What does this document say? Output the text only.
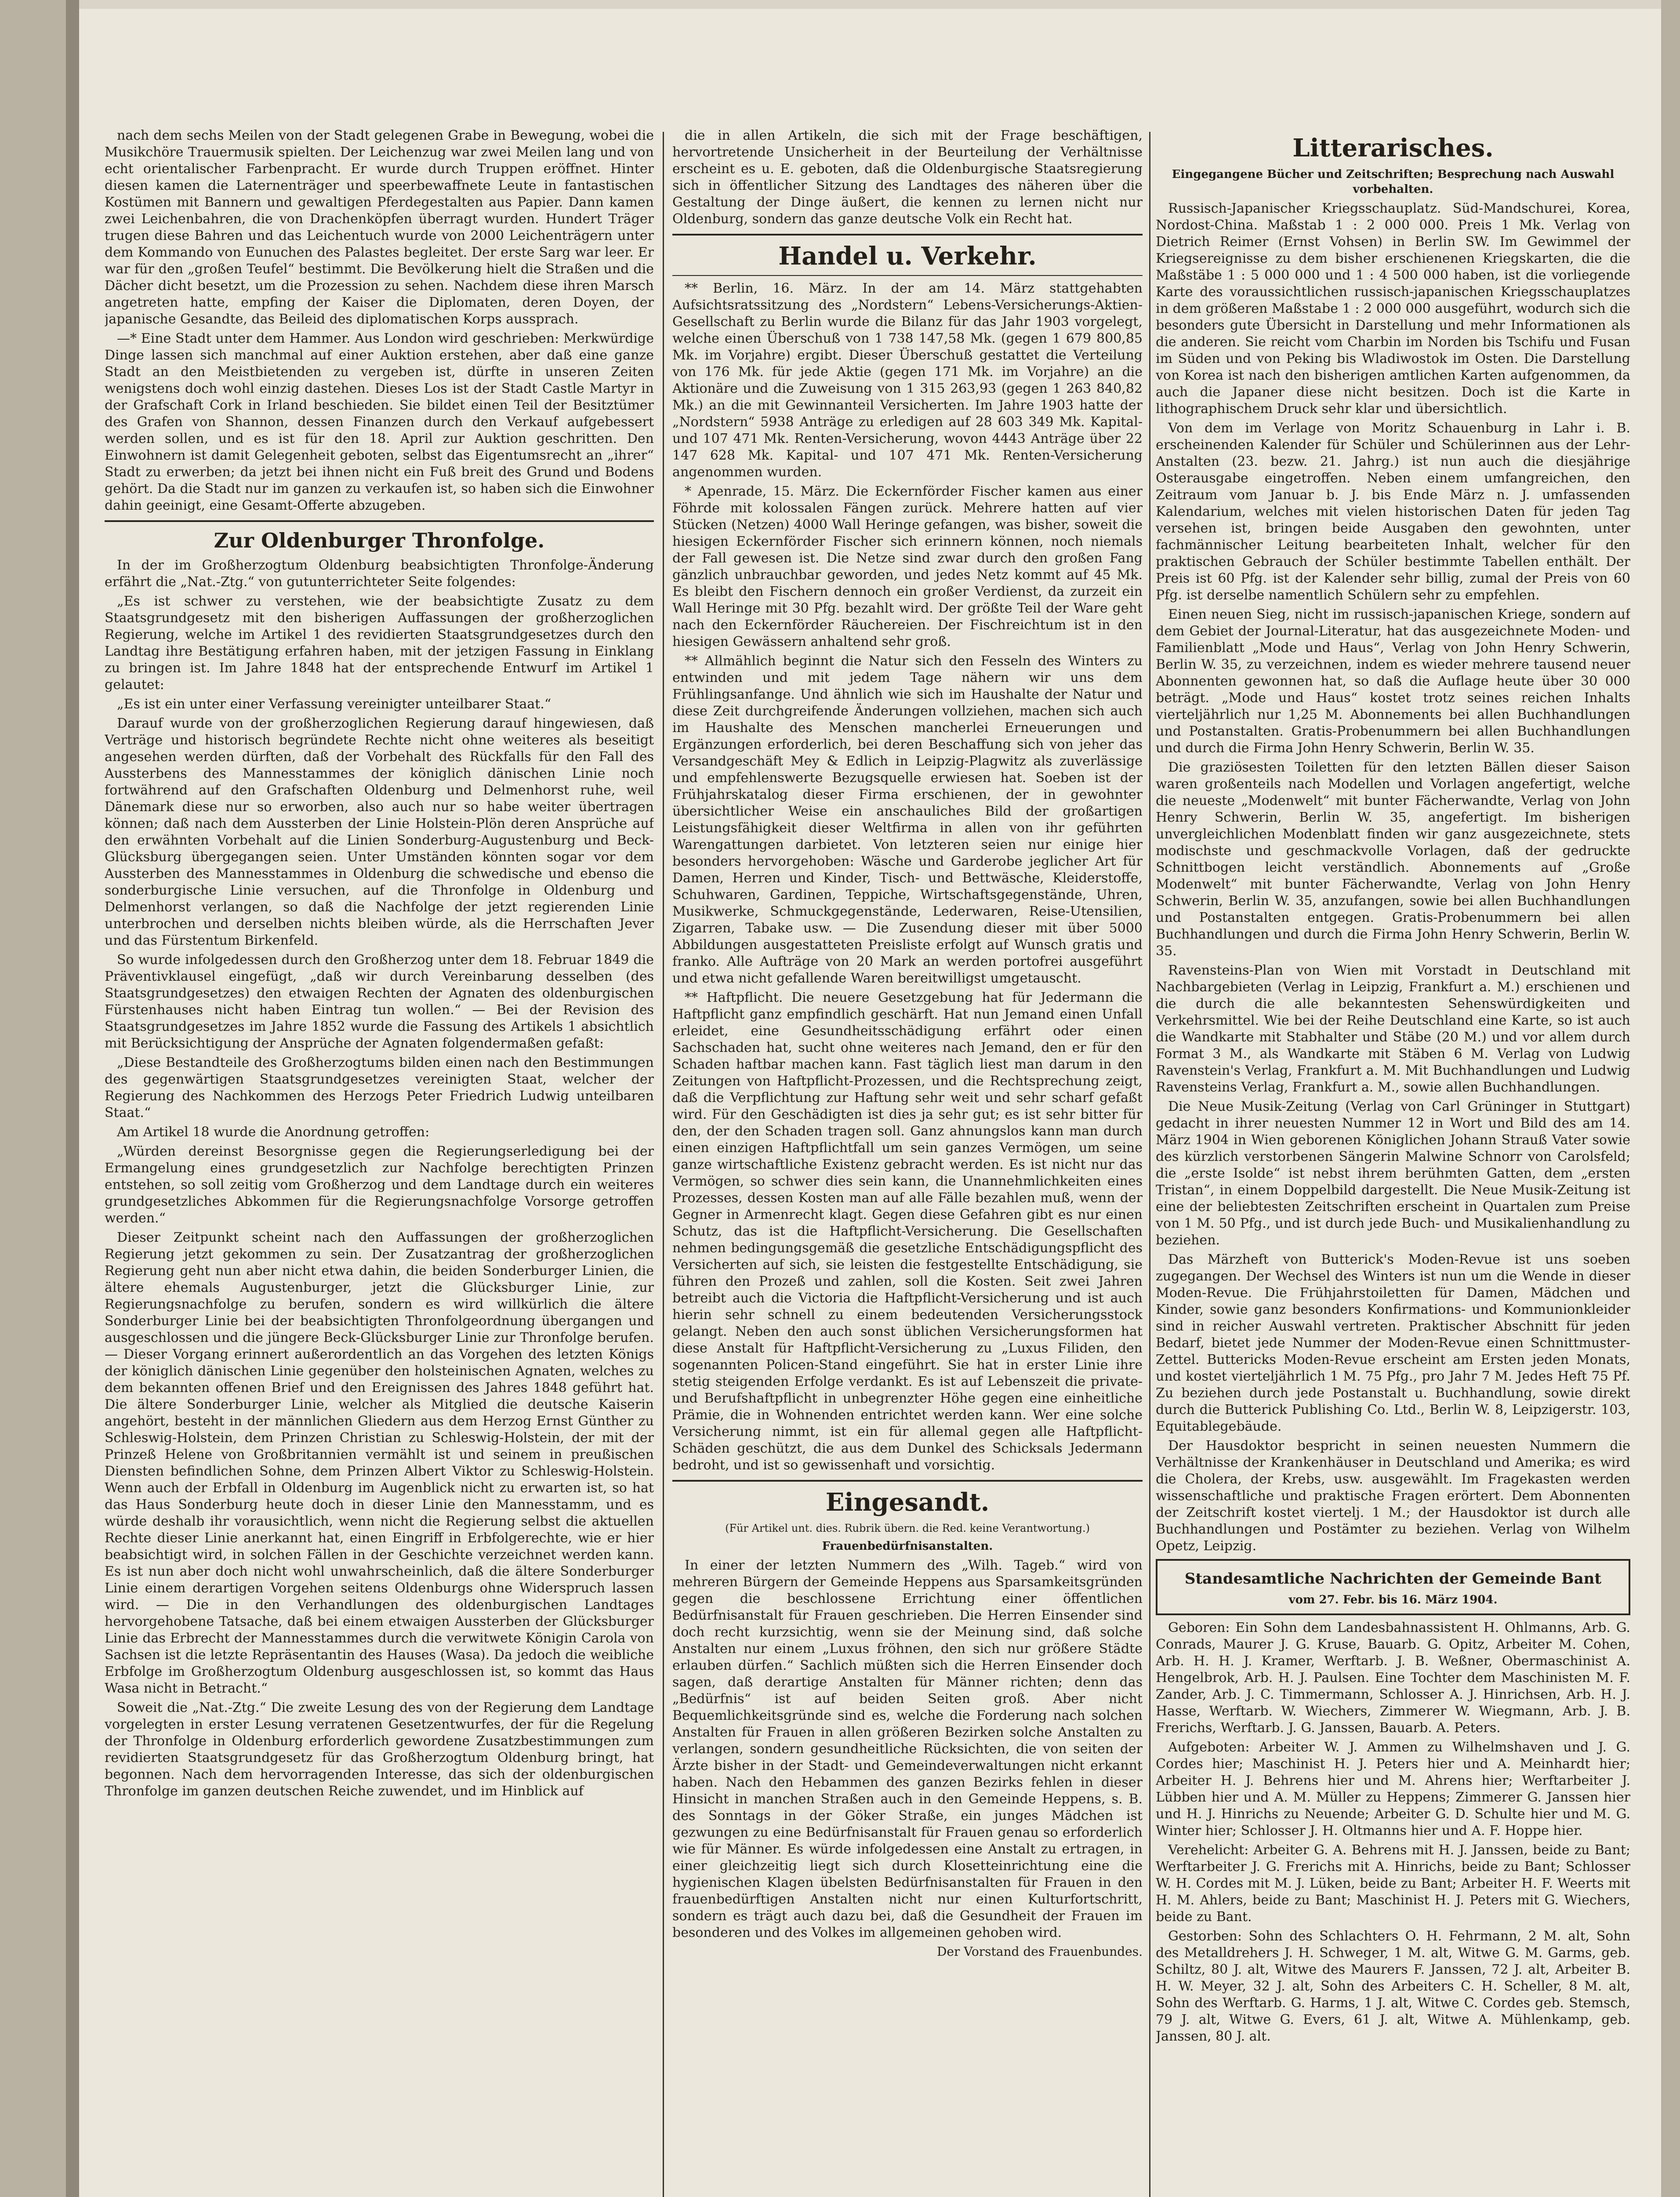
nach dem sechs Meilen von der Stadt gelegenen Grabe in Bewegung, wobei die Musikchöre Trauermusik spielten. Der Leichenzug war zwei Meilen lang und von echt orientalischer Farbenpracht. Er wurde durch Truppen eröffnet. Hinter diesen kamen die Laternenträger und speerbewaffnete Leute in fantastischen Kostümen mit Bannern und gewaltigen Pferdegestalten aus Papier. Dann kamen zwei Leichenbahren, die von Drachenköpfen überragt wurden. Hundert Träger trugen diese Bahren und das Leichentuch wurde von 2000 Leichenträgern unter dem Kommando von Eunuchen des Palastes begleitet. Der erste Sarg war leer. Er war für den „großen Teufel“ bestimmt. Die Bevölkerung hielt die Straßen und die Dächer dicht besetzt, um die Prozession zu sehen. Nachdem diese ihren Marsch angetreten hatte, empfing der Kaiser die Diplomaten, deren Doyen, der japanische Gesandte, das Beileid des diplomatischen Korps aussprach.

—* Eine Stadt unter dem Hammer. Aus London wird geschrieben: Merkwürdige Dinge lassen sich manchmal auf einer Auktion erstehen, aber daß eine ganze Stadt an den Meistbietenden zu vergeben ist, dürfte in unseren Zeiten wenigstens doch wohl einzig dastehen. Dieses Los ist der Stadt Castle Martyr in der Grafschaft Cork in Irland beschieden. Sie bildet einen Teil der Besitztümer des Grafen von Shannon, dessen Finanzen durch den Verkauf aufgebessert werden sollen, und es ist für den 18. April zur Auktion geschritten. Den Einwohnern ist damit Gelegenheit geboten, selbst das Eigentumsrecht an „ihrer“ Stadt zu erwerben; da jetzt bei ihnen nicht ein Fuß breit des Grund und Bodens gehört. Da die Stadt nur im ganzen zu verkaufen ist, so haben sich die Einwohner dahin geeinigt, eine Gesamt-Offerte abzugeben.

Zur Oldenburger Thronfolge.

In der im Großherzogtum Oldenburg beabsichtigten Thronfolge-Änderung erfährt die „Nat.-Ztg.“ von gutunterrichteter Seite folgendes:

„Es ist schwer zu verstehen, wie der beabsichtigte Zusatz zu dem Staatsgrundgesetz mit den bisherigen Auffassungen der großherzoglichen Regierung, welche im Artikel 1 des revidierten Staatsgrundgesetzes durch den Landtag ihre Bestätigung erfahren haben, mit der jetzigen Fassung in Einklang zu bringen ist. Im Jahre 1848 hat der entsprechende Entwurf im Artikel 1 gelautet:

„Es ist ein unter einer Verfassung vereinigter unteilbarer Staat.“

Darauf wurde von der großherzoglichen Regierung darauf hingewiesen, daß Verträge und historisch begründete Rechte nicht ohne weiteres als beseitigt angesehen werden dürften, daß der Vorbehalt des Rückfalls für den Fall des Aussterbens des Mannesstammes der königlich dänischen Linie noch fortwährend auf den Grafschaften Oldenburg und Delmenhorst ruhe, weil Dänemark diese nur so erworben, also auch nur so habe weiter übertragen können; daß nach dem Aussterben der Linie Holstein-Plön deren Ansprüche auf den erwähnten Vorbehalt auf die Linien Sonderburg-Augustenburg und Beck-Glücksburg übergegangen seien. Unter Umständen könnten sogar vor dem Aussterben des Mannesstammes in Oldenburg die schwedische und ebenso die sonderburgische Linie versuchen, auf die Thronfolge in Oldenburg und Delmenhorst verlangen, so daß die Nachfolge der jetzt regierenden Linie unterbrochen und derselben nichts bleiben würde, als die Herrschaften Jever und das Fürstentum Birkenfeld.

So wurde infolgedessen durch den Großherzog unter dem 18. Februar 1849 die Präventivklausel eingefügt, „daß wir durch Vereinbarung desselben (des Staatsgrundgesetzes) den etwaigen Rechten der Agnaten des oldenburgischen Fürstenhauses nicht haben Eintrag tun wollen.“ — Bei der Revision des Staatsgrundgesetzes im Jahre 1852 wurde die Fassung des Artikels 1 absichtlich mit Berücksichtigung der Ansprüche der Agnaten folgendermaßen gefaßt:

„Diese Bestandteile des Großherzogtums bilden einen nach den Bestimmungen des gegenwärtigen Staatsgrundgesetzes vereinigten Staat, welcher der Regierung des Nachkommen des Herzogs Peter Friedrich Ludwig unteilbaren Staat.“

Am Artikel 18 wurde die Anordnung getroffen:

„Würden dereinst Besorgnisse gegen die Regierungserledigung bei der Ermangelung eines grundgesetzlich zur Nachfolge berechtigten Prinzen entstehen, so soll zeitig vom Großherzog und dem Landtage durch ein weiteres grundgesetzliches Abkommen für die Regierungsnachfolge Vorsorge getroffen werden.“

Dieser Zeitpunkt scheint nach den Auffassungen der großherzoglichen Regierung jetzt gekommen zu sein. Der Zusatzantrag der großherzoglichen Regierung geht nun aber nicht etwa dahin, die beiden Sonderburger Linien, die ältere ehemals Augustenburger, jetzt die Glücksburger Linie, zur Regierungsnachfolge zu berufen, sondern es wird willkürlich die ältere Sonderburger Linie bei der beabsichtigten Thronfolgeordnung übergangen und ausgeschlossen und die jüngere Beck-Glücksburger Linie zur Thronfolge berufen. — Dieser Vorgang erinnert außerordentlich an das Vorgehen des letzten Königs der königlich dänischen Linie gegenüber den holsteinischen Agnaten, welches zu dem bekannten offenen Brief und den Ereignissen des Jahres 1848 geführt hat. Die ältere Sonderburger Linie, welcher als Mitglied die deutsche Kaiserin angehört, besteht in der männlichen Gliedern aus dem Herzog Ernst Günther zu Schleswig-Holstein, dem Prinzen Christian zu Schleswig-Holstein, der mit der Prinzeß Helene von Großbritannien vermählt ist und seinem in preußischen Diensten befindlichen Sohne, dem Prinzen Albert Viktor zu Schleswig-Holstein. Wenn auch der Erbfall in Oldenburg im Augenblick nicht zu erwarten ist, so hat das Haus Sonderburg heute doch in dieser Linie den Mannesstamm, und es würde deshalb ihr vorausichtlich, wenn nicht die Regierung selbst die aktuellen Rechte dieser Linie anerkannt hat, einen Eingriff in Erbfolgerechte, wie er hier beabsichtigt wird, in solchen Fällen in der Geschichte verzeichnet werden kann. Es ist nun aber doch nicht wohl unwahrscheinlich, daß die ältere Sonderburger Linie einem derartigen Vorgehen seitens Oldenburgs ohne Widerspruch lassen wird. — Die in den Verhandlungen des oldenburgischen Landtages hervorgehobene Tatsache, daß bei einem etwaigen Aussterben der Glücksburger Linie das Erbrecht der Mannesstammes durch die verwitwete Königin Carola von Sachsen ist die letzte Repräsentantin des Hauses (Wasa). Da jedoch die weibliche Erbfolge im Großherzogtum Oldenburg ausgeschlossen ist, so kommt das Haus Wasa nicht in Betracht.“

Soweit die „Nat.-Ztg.“ Die zweite Lesung des von der Regierung dem Landtage vorgelegten in erster Lesung verratenen Gesetzentwurfes, der für die Regelung der Thronfolge in Oldenburg erforderlich gewordene Zusatzbestimmungen zum revidierten Staatsgrundgesetz für das Großherzogtum Oldenburg bringt, hat begonnen. Nach dem hervorragenden Interesse, das sich der oldenburgischen Thronfolge im ganzen deutschen Reiche zuwendet, und im Hinblick auf

die in allen Artikeln, die sich mit der Frage beschäftigen, hervortretende Unsicherheit in der Beurteilung der Verhältnisse erscheint es u. E. geboten, daß die Oldenburgische Staatsregierung sich in öffentlicher Sitzung des Landtages des näheren über die Gestaltung der Dinge äußert, die kennen zu lernen nicht nur Oldenburg, sondern das ganze deutsche Volk ein Recht hat.

Handel u. Verkehr.

** Berlin, 16. März. In der am 14. März stattgehabten Aufsichtsratssitzung des „Nordstern“ Lebens-Versicherungs-Aktien-Gesellschaft zu Berlin wurde die Bilanz für das Jahr 1903 vorgelegt, welche einen Überschuß von 1 738 147,58 Mk. (gegen 1 679 800,85 Mk. im Vorjahre) ergibt. Dieser Überschuß gestattet die Verteilung von 176 Mk. für jede Aktie (gegen 171 Mk. im Vorjahre) an die Aktionäre und die Zuweisung von 1 315 263,93 (gegen 1 263 840,82 Mk.) an die mit Gewinnanteil Versicherten. Im Jahre 1903 hatte der „Nordstern“ 5938 Anträge zu erledigen auf 28 603 349 Mk. Kapital- und 107 471 Mk. Renten-Versicherung, wovon 4443 Anträge über 22 147 628 Mk. Kapital- und 107 471 Mk. Renten-Versicherung angenommen wurden.

* Apenrade, 15. März. Die Eckernförder Fischer kamen aus einer Föhrde mit kolossalen Fängen zurück. Mehrere hatten auf vier Stücken (Netzen) 4000 Wall Heringe gefangen, was bisher, soweit die hiesigen Eckernförder Fischer sich erinnern können, noch niemals der Fall gewesen ist. Die Netze sind zwar durch den großen Fang gänzlich unbrauchbar geworden, und jedes Netz kommt auf 45 Mk. Es bleibt den Fischern dennoch ein großer Verdienst, da zurzeit ein Wall Heringe mit 30 Pfg. bezahlt wird. Der größte Teil der Ware geht nach den Eckernförder Räuchereien. Der Fischreichtum ist in den hiesigen Gewässern anhaltend sehr groß.

** Allmählich beginnt die Natur sich den Fesseln des Winters zu entwinden und mit jedem Tage nähern wir uns dem Frühlingsanfange. Und ähnlich wie sich im Haushalte der Natur und diese Zeit durchgreifende Änderungen vollziehen, machen sich auch im Haushalte des Menschen mancherlei Erneuerungen und Ergänzungen erforderlich, bei deren Beschaffung sich von jeher das Versandgeschäft Mey & Edlich in Leipzig-Plagwitz als zuverlässige und empfehlenswerte Bezugsquelle erwiesen hat. Soeben ist der Frühjahrskatalog dieser Firma erschienen, der in gewohnter übersichtlicher Weise ein anschauliches Bild der großartigen Leistungsfähigkeit dieser Weltfirma in allen von ihr geführten Warengattungen darbietet. Von letzteren seien nur einige hier besonders hervorgehoben: Wäsche und Garderobe jeglicher Art für Damen, Herren und Kinder, Tisch- und Bettwäsche, Kleiderstoffe, Schuhwaren, Gardinen, Teppiche, Wirtschaftsgegenstände, Uhren, Musikwerke, Schmuckgegenstände, Lederwaren, Reise-Utensilien, Zigarren, Tabake usw. — Die Zusendung dieser mit über 5000 Abbildungen ausgestatteten Preisliste erfolgt auf Wunsch gratis und franko. Alle Aufträge von 20 Mark an werden portofrei ausgeführt und etwa nicht gefallende Waren bereitwilligst umgetauscht.

** Haftpflicht. Die neuere Gesetzgebung hat für Jedermann die Haftpflicht ganz empfindlich geschärft. Hat nun Jemand einen Unfall erleidet, eine Gesundheitsschädigung erfährt oder einen Sachschaden hat, sucht ohne weiteres nach Jemand, den er für den Schaden haftbar machen kann. Fast täglich liest man darum in den Zeitungen von Haftpflicht-Prozessen, und die Rechtsprechung zeigt, daß die Verpflichtung zur Haftung sehr weit und sehr scharf gefaßt wird. Für den Geschädigten ist dies ja sehr gut; es ist sehr bitter für den, der den Schaden tragen soll. Ganz ahnungslos kann man durch einen einzigen Haftpflichtfall um sein ganzes Vermögen, um seine ganze wirtschaftliche Existenz gebracht werden. Es ist nicht nur das Vermögen, so schwer dies sein kann, die Unannehmlichkeiten eines Prozesses, dessen Kosten man auf alle Fälle bezahlen muß, wenn der Gegner in Armenrecht klagt. Gegen diese Gefahren gibt es nur einen Schutz, das ist die Haftpflicht-Versicherung. Die Gesellschaften nehmen bedingungsgemäß die gesetzliche Entschädigungspflicht des Versicherten auf sich, sie leisten die festgestellte Entschädigung, sie führen den Prozeß und zahlen, soll die Kosten. Seit zwei Jahren betreibt auch die Victoria die Haftpflicht-Versicherung und ist auch hierin sehr schnell zu einem bedeutenden Versicherungsstock gelangt. Neben den auch sonst üblichen Versicherungsformen hat diese Anstalt für Haftpflicht-Versicherung zu „Luxus Filiden, den sogenannten Policen-Stand eingeführt. Sie hat in erster Linie ihre stetig steigenden Erfolge verdankt. Es ist auf Lebenszeit die private- und Berufshaftpflicht in unbegrenzter Höhe gegen eine einheitliche Prämie, die in Wohnenden entrichtet werden kann. Wer eine solche Versicherung nimmt, ist ein für allemal gegen alle Haftpflicht-Schäden geschützt, die aus dem Dunkel des Schicksals Jedermann bedroht, und ist so gewissenhaft und vorsichtig.

Eingesandt.
(Für Artikel unt. dies. Rubrik übern. die Red. keine Verantwortung.)
Frauenbedürfnisanstalten.

In einer der letzten Nummern des „Wilh. Tageb.“ wird von mehreren Bürgern der Gemeinde Heppens aus Sparsamkeitsgründen gegen die beschlossene Errichtung einer öffentlichen Bedürfnisanstalt für Frauen geschrieben. Die Herren Einsender sind doch recht kurzsichtig, wenn sie der Meinung sind, daß solche Anstalten nur einem „Luxus fröhnen, den sich nur größere Städte erlauben dürfen.“ Sachlich müßten sich die Herren Einsender doch sagen, daß derartige Anstalten für Männer richten; denn das „Bedürfnis“ ist auf beiden Seiten groß. Aber nicht Bequemlichkeitsgründe sind es, welche die Forderung nach solchen Anstalten für Frauen in allen größeren Bezirken solche Anstalten zu verlangen, sondern gesundheitliche Rücksichten, die von seiten der Ärzte bisher in der Stadt- und Gemeindeverwaltungen nicht erkannt haben. Nach den Hebammen des ganzen Bezirks fehlen in dieser Hinsicht in manchen Straßen auch in den Gemeinde Heppens, s. B. des Sonntags in der Göker Straße, ein junges Mädchen ist gezwungen zu eine Bedürfnisanstalt für Frauen genau so erforderlich wie für Männer. Es würde infolgedessen eine Anstalt zu ertragen, in einer gleichzeitig liegt sich durch Klosetteinrichtung eine die hygienischen Klagen übelsten Bedürfnisanstalten für Frauen in den frauenbedürftigen Anstalten nicht nur einen Kulturfortschritt, sondern es trägt auch dazu bei, daß die Gesundheit der Frauen im besonderen und des Volkes im allgemeinen gehoben wird.

Der Vorstand des Frauenbundes.
Litterarisches.
Eingegangene Bücher und Zeitschriften; Besprechung nach Auswahl vorbehalten.

Russisch-Japanischer Kriegsschauplatz. Süd-Mandschurei, Korea, Nordost-China. Maßstab 1 : 2 000 000. Preis 1 Mk. Verlag von Dietrich Reimer (Ernst Vohsen) in Berlin SW. Im Gewimmel der Kriegsereignisse zu dem bisher erschienenen Kriegskarten, die die Maßstäbe 1 : 5 000 000 und 1 : 4 500 000 haben, ist die vorliegende Karte des voraussichtlichen russisch-japanischen Kriegsschauplatzes in dem größeren Maßstabe 1 : 2 000 000 ausgeführt, wodurch sich die besonders gute Übersicht in Darstellung und mehr Informationen als die anderen. Sie reicht vom Charbin im Norden bis Tschifu und Fusan im Süden und von Peking bis Wladiwostok im Osten. Die Darstellung von Korea ist nach den bisherigen amtlichen Karten aufgenommen, da auch die Japaner diese nicht besitzen. Doch ist die Karte in lithographischem Druck sehr klar und übersichtlich.

Von dem im Verlage von Moritz Schauenburg in Lahr i. B. erscheinenden Kalender für Schüler und Schülerinnen aus der Lehr-Anstalten (23. bezw. 21. Jahrg.) ist nun auch die diesjährige Osterausgabe eingetroffen. Neben einem umfangreichen, den Zeitraum vom Januar b. J. bis Ende März n. J. umfassenden Kalendarium, welches mit vielen historischen Daten für jeden Tag versehen ist, bringen beide Ausgaben den gewohnten, unter fachmännischer Leitung bearbeiteten Inhalt, welcher für den praktischen Gebrauch der Schüler bestimmte Tabellen enthält. Der Preis ist 60 Pfg. ist der Kalender sehr billig, zumal der Preis von 60 Pfg. ist derselbe namentlich Schülern sehr zu empfehlen.

Einen neuen Sieg, nicht im russisch-japanischen Kriege, sondern auf dem Gebiet der Journal-Literatur, hat das ausgezeichnete Moden- und Familienblatt „Mode und Haus“, Verlag von John Henry Schwerin, Berlin W. 35, zu verzeichnen, indem es wieder mehrere tausend neuer Abonnenten gewonnen hat, so daß die Auflage heute über 30 000 beträgt. „Mode und Haus“ kostet trotz seines reichen Inhalts vierteljährlich nur 1,25 M. Abonnements bei allen Buchhandlungen und Postanstalten. Gratis-Probenummern bei allen Buchhandlungen und durch die Firma John Henry Schwerin, Berlin W. 35.

Die graziösesten Toiletten für den letzten Bällen dieser Saison waren großenteils nach Modellen und Vorlagen angefertigt, welche die neueste „Modenwelt“ mit bunter Fächerwandte, Verlag von John Henry Schwerin, Berlin W. 35, angefertigt. Im bisherigen unvergleichlichen Modenblatt finden wir ganz ausgezeichnete, stets modischste und geschmackvolle Vorlagen, daß der gedruckte Schnittbogen leicht verständlich. Abonnements auf „Große Modenwelt“ mit bunter Fächerwandte, Verlag von John Henry Schwerin, Berlin W. 35, anzufangen, sowie bei allen Buchhandlungen und Postanstalten entgegen. Gratis-Probenummern bei allen Buchhandlungen und durch die Firma John Henry Schwerin, Berlin W. 35.

Ravensteins-Plan von Wien mit Vorstadt in Deutschland mit Nachbargebieten (Verlag in Leipzig, Frankfurt a. M.) erschienen und die durch die alle bekanntesten Sehenswürdigkeiten und Verkehrsmittel. Wie bei der Reihe Deutschland eine Karte, so ist auch die Wandkarte mit Stabhalter und Stäbe (20 M.) und vor allem durch Format 3 M., als Wandkarte mit Stäben 6 M. Verlag von Ludwig Ravenstein's Verlag, Frankfurt a. M. Mit Buchhandlungen und Ludwig Ravensteins Verlag, Frankfurt a. M., sowie allen Buchhandlungen.

Die Neue Musik-Zeitung (Verlag von Carl Grüninger in Stuttgart) gedacht in ihrer neuesten Nummer 12 in Wort und Bild des am 14. März 1904 in Wien geborenen Königlichen Johann Strauß Vater sowie des kürzlich verstorbenen Sängerin Malwine Schnorr von Carolsfeld; die „erste Isolde“ ist nebst ihrem berühmten Gatten, dem „ersten Tristan“, in einem Doppelbild dargestellt. Die Neue Musik-Zeitung ist eine der beliebtesten Zeitschriften erscheint in Quartalen zum Preise von 1 M. 50 Pfg., und ist durch jede Buch- und Musikalienhandlung zu beziehen.

Das Märzheft von Butterick's Moden-Revue ist uns soeben zugegangen. Der Wechsel des Winters ist nun um die Wende in dieser Moden-Revue. Die Frühjahrstoiletten für Damen, Mädchen und Kinder, sowie ganz besonders Konfirmations- und Kommunionkleider sind in reicher Auswahl vertreten. Praktischer Abschnitt für jeden Bedarf, bietet jede Nummer der Moden-Revue einen Schnittmuster-Zettel. Buttericks Moden-Revue erscheint am Ersten jeden Monats, und kostet vierteljährlich 1 M. 75 Pfg., pro Jahr 7 M. Jedes Heft 75 Pf. Zu beziehen durch jede Postanstalt u. Buchhandlung, sowie direkt durch die Butterick Publishing Co. Ltd., Berlin W. 8, Leipzigerstr. 103, Equitablegebäude.

Der Hausdoktor bespricht in seinen neuesten Nummern die Verhältnisse der Krankenhäuser in Deutschland und Amerika; es wird die Cholera, der Krebs, usw. ausgewählt. Im Fragekasten werden wissenschaftliche und praktische Fragen erörtert. Dem Abonnenten der Zeitschrift kostet viertelj. 1 M.; der Hausdoktor ist durch alle Buchhandlungen und Postämter zu beziehen. Verlag von Wilhelm Opetz, Leipzig.

Standesamtliche Nachrichten der Gemeinde Bant
vom 27. Febr. bis 16. März 1904.

Geboren: Ein Sohn dem Landesbahnassistent H. Ohlmanns, Arb. G. Conrads, Maurer J. G. Kruse, Bauarb. G. Opitz, Arbeiter M. Cohen, Arb. H. H. J. Kramer, Werftarb. J. B. Weßner, Obermaschinist A. Hengelbrok, Arb. H. J. Paulsen. Eine Tochter dem Maschinisten M. F. Zander, Arb. J. C. Timmermann, Schlosser A. J. Hinrichsen, Arb. H. J. Hasse, Werftarb. W. Wiechers, Zimmerer W. Wiegmann, Arb. J. B. Frerichs, Werftarb. J. G. Janssen, Bauarb. A. Peters.

Aufgeboten: Arbeiter W. J. Ammen zu Wilhelmshaven und J. G. Cordes hier; Maschinist H. J. Peters hier und A. Meinhardt hier; Arbeiter H. J. Behrens hier und M. Ahrens hier; Werftarbeiter J. Lübben hier und A. M. Müller zu Heppens; Zimmerer G. Janssen hier und H. J. Hinrichs zu Neuende; Arbeiter G. D. Schulte hier und M. G. Winter hier; Schlosser J. H. Oltmanns hier und A. F. Hoppe hier.

Verehelicht: Arbeiter G. A. Behrens mit H. J. Janssen, beide zu Bant; Werftarbeiter J. G. Frerichs mit A. Hinrichs, beide zu Bant; Schlosser W. H. Cordes mit M. J. Lüken, beide zu Bant; Arbeiter H. F. Weerts mit H. M. Ahlers, beide zu Bant; Maschinist H. J. Peters mit G. Wiechers, beide zu Bant.

Gestorben: Sohn des Schlachters O. H. Fehrmann, 2 M. alt, Sohn des Metalldrehers J. H. Schweger, 1 M. alt, Witwe G. M. Garms, geb. Schiltz, 80 J. alt, Witwe des Maurers F. Janssen, 72 J. alt, Arbeiter B. H. W. Meyer, 32 J. alt, Sohn des Arbeiters C. H. Scheller, 8 M. alt, Sohn des Werftarb. G. Harms, 1 J. alt, Witwe C. Cordes geb. Stemsch, 79 J. alt, Witwe G. Evers, 61 J. alt, Witwe A. Mühlenkamp, geb. Janssen, 80 J. alt.
